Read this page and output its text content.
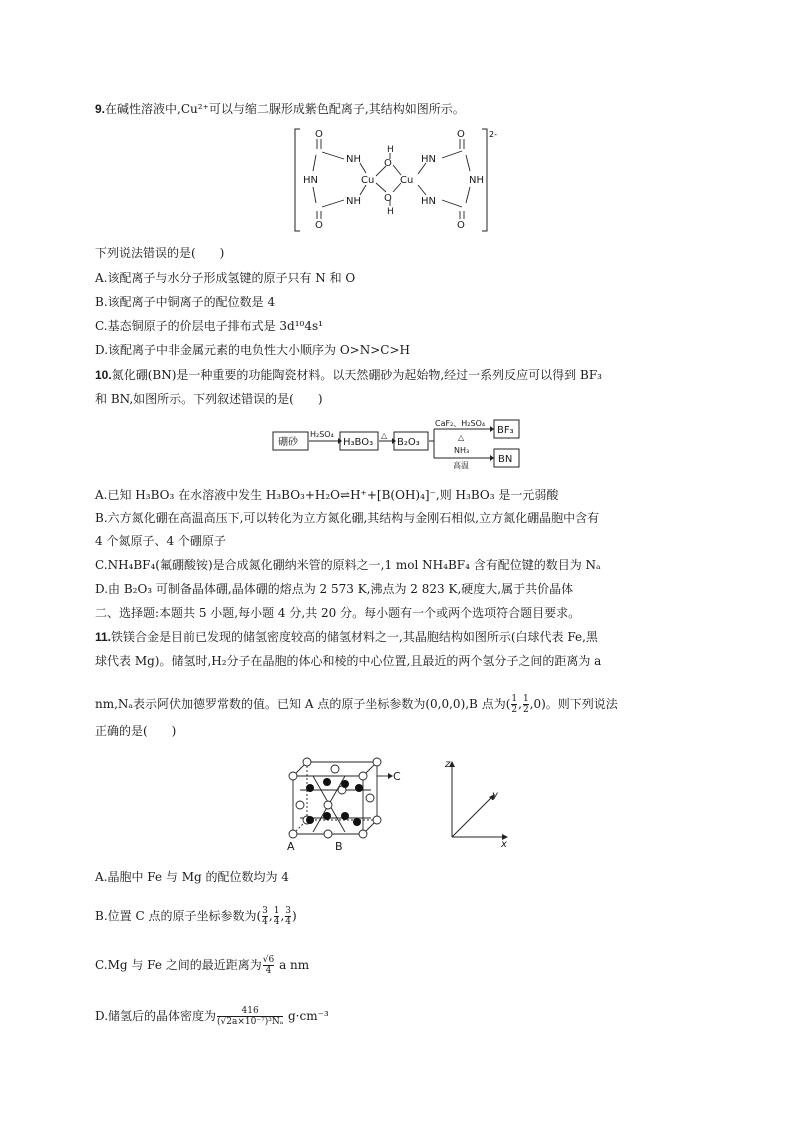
9.在碱性溶液中,Cu²⁺可以与缩二脲形成紫色配离子,其结构如图所示。
2-
O
NH
H
O	HN
O
HN	Cu	Cu	NH
NH O
H
HN
O	O
下列说法错误的是(　　)
A.该配离子与水分子形成氢键的原子只有 N 和 O
B.该配离子中铜离子的配位数是 4
C.基态铜原子的价层电子排布式是 3d¹⁰4s¹
D.该配离子中非金属元素的电负性大小顺序为 O>N>C>H
10.氮化硼(BN)是一种重要的功能陶瓷材料。以天然硼砂为起始物,经过一系列反应可以得到 BF₃
和 BN,如图所示。下列叙述错误的是(　　)
硼砂	H₃BO₃ B₂O₃
BF₃
BN
H₂SO₄	△
CaF₂、H₂SO₄
△
NH₃
高温
A.已知 H₃BO₃ 在水溶液中发生 H₃BO₃+H₂O⇌H⁺+[B(OH)₄]⁻,则 H₃BO₃ 是一元弱酸
B.六方氮化硼在高温高压下,可以转化为立方氮化硼,其结构与金刚石相似,立方氮化硼晶胞中含有
4 个氮原子、4 个硼原子
C.NH₄BF₄(氟硼酸铵)是合成氮化硼纳米管的原料之一,1 mol NH₄BF₄ 含有配位键的数目为 Nₐ
D.由 B₂O₃ 可制备晶体硼,晶体硼的熔点为 2 573 K,沸点为 2 823 K,硬度大,属于共价晶体
二、选择题:本题共 5 小题,每小题 4 分,共 20 分。每小题有一个或两个选项符合题目要求。
11.铁镁合金是目前已发现的储氢密度较高的储氢材料之一,其晶胞结构如图所示(白球代表 Fe,黑
球代表 Mg)。储氢时,H₂分子在晶胞的体心和棱的中心位置,且最近的两个氢分子之间的距离为 a
nm,Nₐ表示阿伏加德罗常数的值。已知 A 点的原子坐标参数为(0,0,0),B 点为( $\frac{1}{2}$ , $\frac{1}{2} ,0$)。则下列说法
正确的是(　　)
C
A	B
z
y
x
A.晶胞中 Fe 与 Mg 的配位数均为 4
B.位置 C 点的原子坐标参数为( $\frac{3}{4}$ , $\frac{1}{4}$ , $\frac{3}{4}$ )
C.Mg 与 Fe 之间的最近距离为 $\frac{√6}{4}$ a nm
D.储氢后的晶体密度为 $\frac{416}{\text{(√2a×10⁻⁷)³Nₐ}} g\cdot cm^{-3}$
